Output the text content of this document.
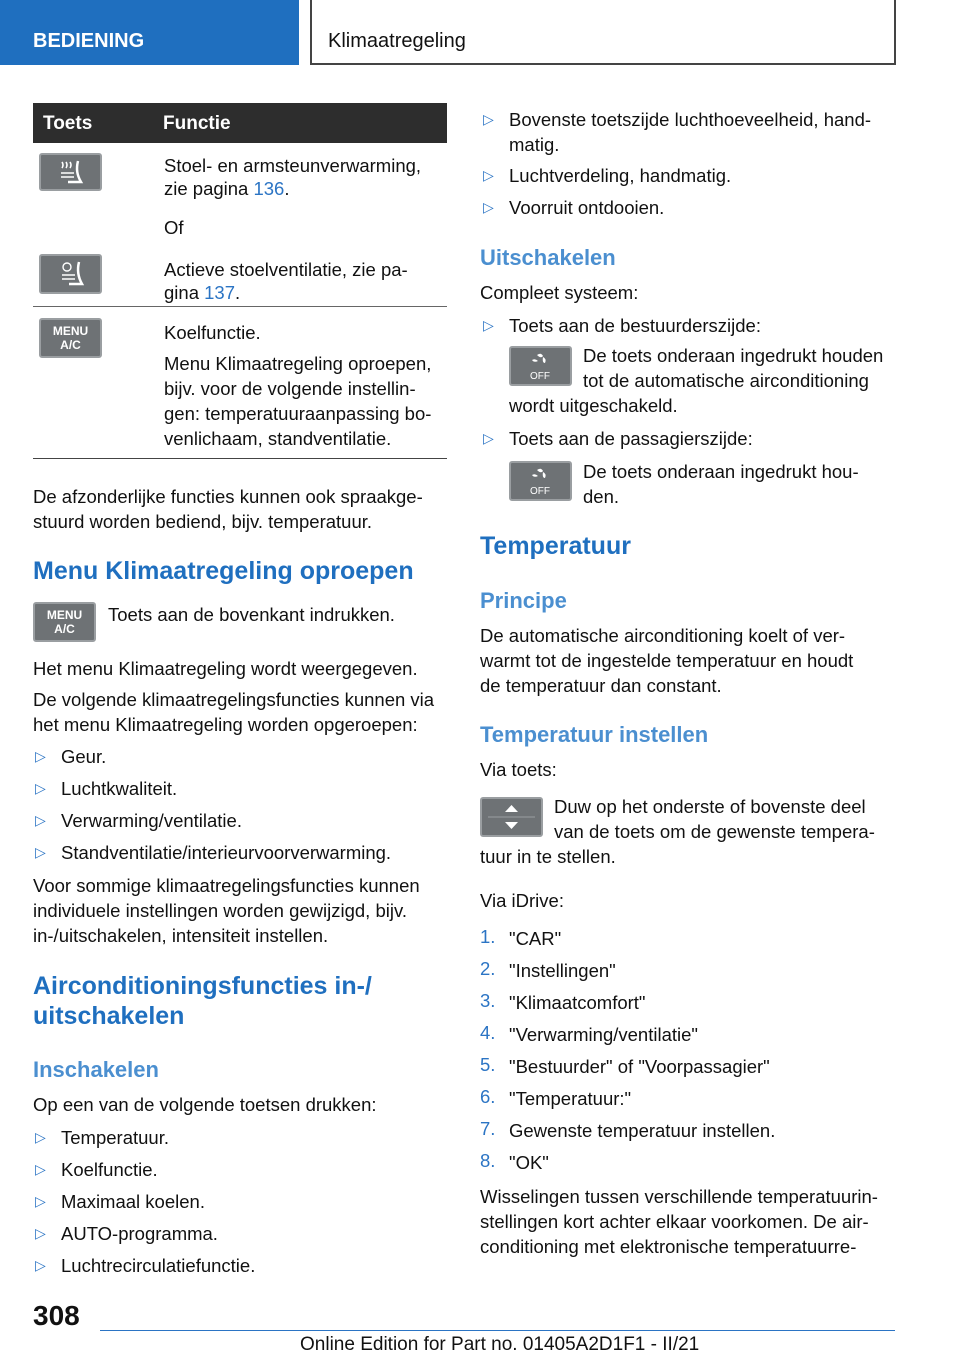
BEDIENING	Klimaatregeling
Toets	Functie
Stoel- en armsteunverwarming,
zie pagina 136.
Of
Actieve stoelventilatie, zie pa-
gina 137.
MENU
A/C
Koelfunctie.
Menu Klimaatregeling oproepen,
bijv. voor de volgende instellin-
gen: temperatuuraanpassing bo-
venlichaam, standventilatie.
De afzonderlijke functies kunnen ook spraakge-
stuurd worden bediend, bijv. temperatuur.
Menu Klimaatregeling oproepen
MENU
A/C
Toets aan de bovenkant indrukken.
Het menu Klimaatregeling wordt weergegeven.
De volgende klimaatregelingsfuncties kunnen via
het menu Klimaatregeling worden opgeroepen:
▷ Geur.
▷ Luchtkwaliteit.
▷ Verwarming/ventilatie.
▷ Standventilatie/interieurvoorverwarming.
Voor sommige klimaatregelingsfuncties kunnen
individuele instellingen worden gewijzigd, bijv.
in-/uitschakelen, intensiteit instellen.
Airconditioningsfuncties in-/
uitschakelen
Inschakelen
Op een van de volgende toetsen drukken:
▷ Temperatuur.
▷ Koelfunctie.
▷ Maximaal koelen.
▷ AUTO-programma.
▷ Luchtrecirculatiefunctie.
▷ Bovenste toetszijde luchthoeveelheid, hand-
matig.
▷ Luchtverdeling, handmatig.
▷ Voorruit ontdooien.
Uitschakelen
Compleet systeem:
▷ Toets aan de bestuurderszijde:
OFF
De toets onderaan ingedrukt houden
tot de automatische airconditioning
wordt uitgeschakeld.
▷ Toets aan de passagierszijde:
OFF
De toets onderaan ingedrukt hou-
den.
Temperatuur
Principe
De automatische airconditioning koelt of ver-
warmt tot de ingestelde temperatuur en houdt
de temperatuur dan constant.
Temperatuur instellen
Via toets:
Duw op het onderste of bovenste deel
van de toets om de gewenste tempera-
tuur in te stellen.
Via iDrive:
1. "CAR"
2. "Instellingen"
3. "Klimaatcomfort"
4. "Verwarming/ventilatie"
5. "Bestuurder" of "Voorpassagier"
6. "Temperatuur:"
7. Gewenste temperatuur instellen.
8. "OK"
Wisselingen tussen verschillende temperatuurin-
stellingen kort achter elkaar voorkomen. De air-
conditioning met elektronische temperatuurre-
308
Online Edition for Part no. 01405A2D1F1 - II/21
